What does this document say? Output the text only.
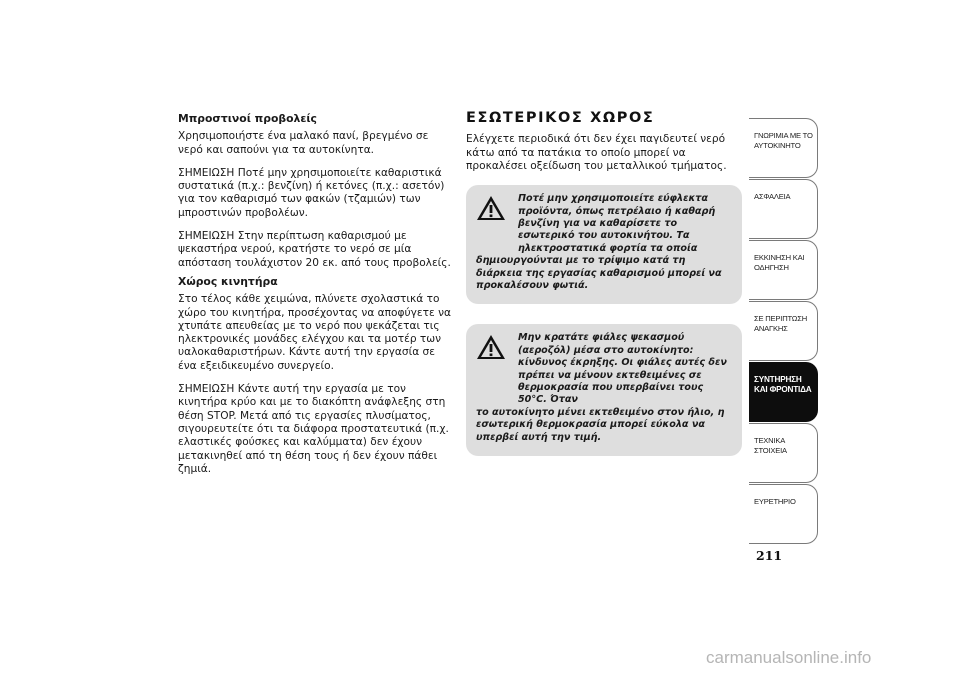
Μπροστινοί προβολείς
Χρησιμοποιήστε ένα μαλακό πανί, βρεγμένο σε νερό και σαπούνι για τα αυτοκίνητα.
ΣΗΜΕΙΩΣΗ Ποτέ μην χρησιμοποιείτε καθαριστικά συστατικά (π.χ.: βενζίνη) ή κετόνες (π.χ.: ασετόν) για τον καθαρισμό των φακών (τζαμιών) των μπροστινών προβολέων.
ΣΗΜΕΙΩΣΗ Στην περίπτωση καθαρισμού με ψεκαστήρα νερού, κρατήστε το νερό σε μία απόσταση τουλάχιστον 20 εκ. από τους προβολείς.
Χώρος κινητήρα
Στο τέλος κάθε χειμώνα, πλύνετε σχολαστικά το χώρο του κινητήρα, προσέχοντας να αποφύγετε να χτυπάτε απευθείας με το νερό που ψεκάζεται τις ηλεκτρονικές μονάδες ελέγχου και τα μοτέρ των υαλοκαθαριστήρων. Κάντε αυτή την εργασία σε ένα εξειδικευμένο συνεργείο.
ΣΗΜΕΙΩΣΗ Κάντε αυτή την εργασία με τον κινητήρα κρύο και με το διακόπτη ανάφλεξης στη θέση STOP. Μετά από τις εργασίες πλυσίματος, σιγουρευτείτε ότι τα διάφορα προστατευτικά (π.χ. ελαστικές φούσκες και καλύμματα) δεν έχουν μετακινηθεί από τη θέση τους ή δεν έχουν πάθει ζημιά.
ΕΣΩΤΕΡΙΚΟΣ ΧΩΡΟΣ
Ελέγχετε περιοδικά ότι δεν έχει παγιδευτεί νερό κάτω από τα πατάκια το οποίο μπορεί να προκαλέσει οξείδωση του μεταλλικού τμήματος.
Ποτέ μην χρησιμοποιείτε εύφλεκτα προϊόντα, όπως πετρέλαιο ή καθαρή βενζίνη για να καθαρίσετε το εσωτερικό του αυτοκινήτου. Τα ηλεκτροστατικά φορτία τα οποία
δημιουργούνται με το τρίψιμο κατά τη διάρκεια της εργασίας καθαρισμού μπορεί να προκαλέσουν φωτιά.
Μην κρατάτε φιάλες ψεκασμού (αεροζόλ) μέσα στο αυτοκίνητο: κίνδυνος έκρηξης. Οι φιάλες αυτές δεν πρέπει να μένουν εκτεθειμένες σε θερμοκρασία που υπερβαίνει τους 50°C. Όταν
το αυτοκίνητο μένει εκτεθειμένο στον ήλιο, η εσωτερική θερμοκρασία μπορεί εύκολα να υπερβεί αυτή την τιμή.
ΓΝΩΡΙΜΙΑ ΜΕ ΤΟ ΑΥΤΟΚΙΝΗΤΟ
ΑΣΦΑΛΕΙΑ
ΕΚΚΙΝΗΣΗ ΚΑΙ ΟΔΗΓΗΣΗ
ΣΕ ΠΕΡΙΠΤΩΣΗ ΑΝΑΓΚΗΣ
ΣΥΝΤΗΡΗΣΗ ΚΑΙ ΦΡΟΝΤΙΔΑ
ΤΕΧΝΙΚΑ ΣΤΟΙΧΕΙΑ
ΕΥΡΕΤΗΡΙΟ
211
carmanualsonline.info
